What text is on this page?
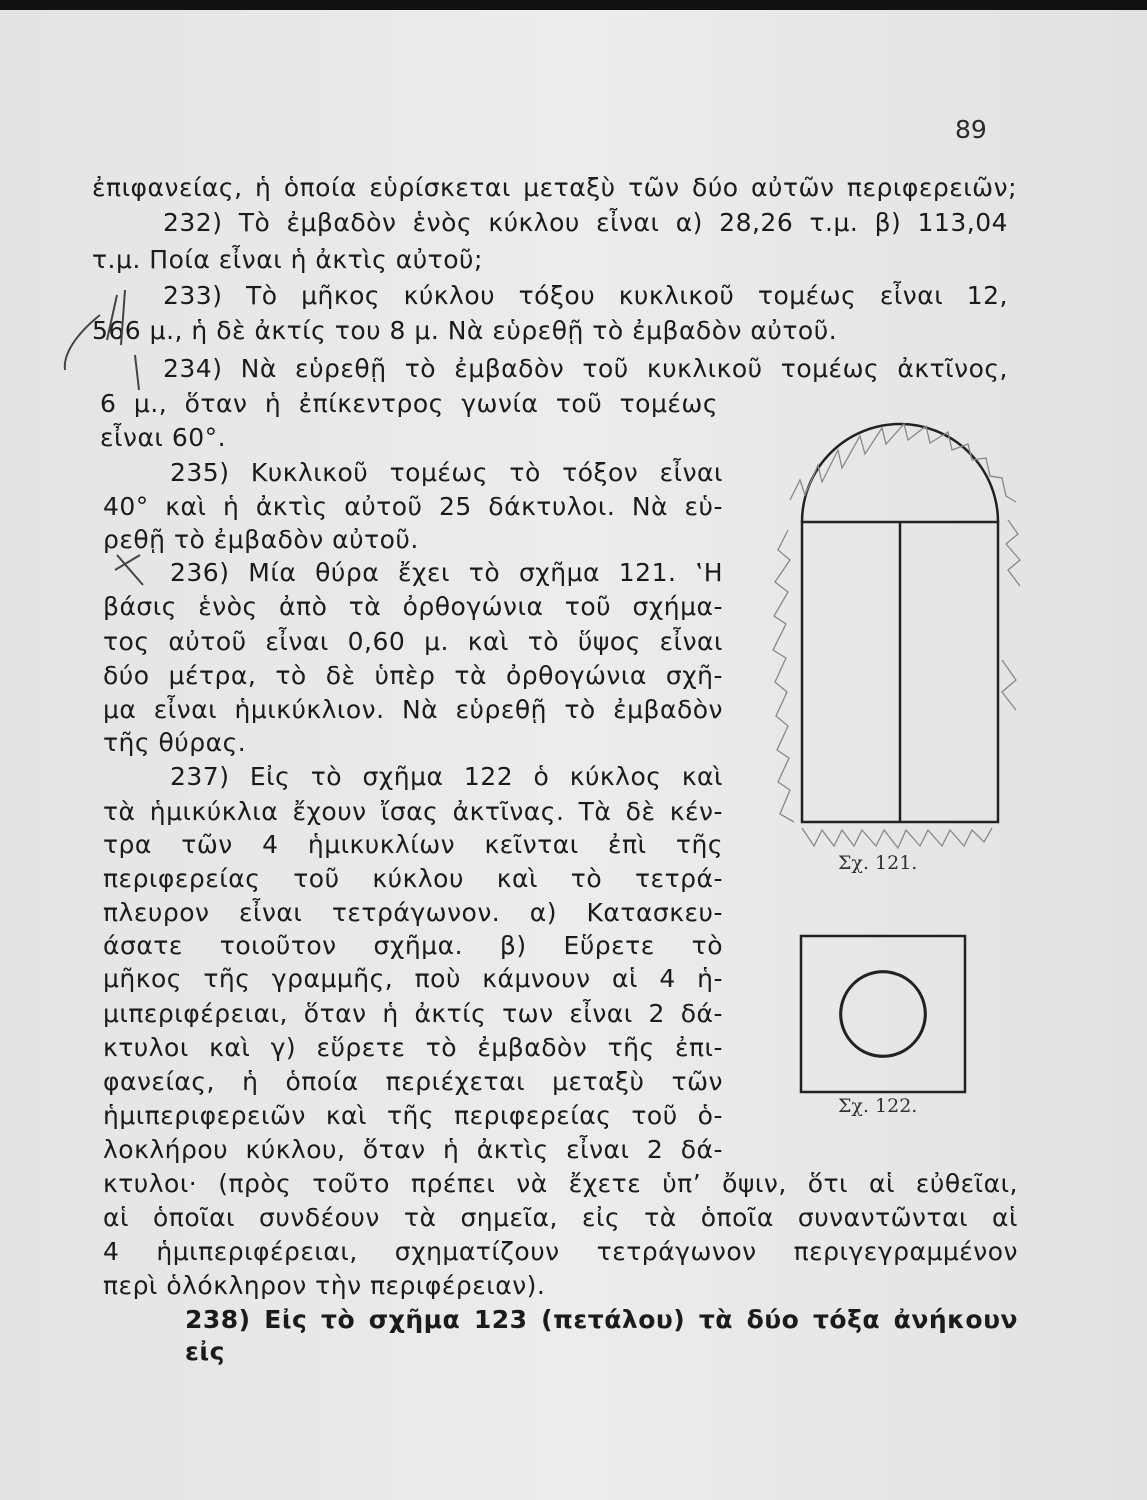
89
ἐπιφανείας, ἡ ὁποία εὑρίσκεται μεταξὺ τῶν δύο αὐτῶν περιφερειῶν;
232) Τὸ ἐμβαδὸν ἑνὸς κύκλου εἶναι α) 28,26 τ.μ. β) 113,04
τ.μ. Ποία εἶναι ἡ ἀκτὶς αὐτοῦ;
233) Τὸ μῆκος κύκλου τόξου κυκλικοῦ τομέως εἶναι 12,
566 μ., ἡ δὲ ἀκτίς του 8 μ. Νὰ εὑρεθῇ τὸ ἐμβαδὸν αὐτοῦ.
234) Νὰ εὑρεθῇ τὸ ἐμβαδὸν τοῦ κυκλικοῦ τομέως ἀκτῖνος,
6 μ., ὅταν ἡ ἐπίκεντρος γωνία τοῦ τομέως
εἶναι 60°.
235) Κυκλικοῦ τομέως τὸ τόξον εἶναι
40° καὶ ἡ ἀκτὶς αὐτοῦ 25 δάκτυλοι. Νὰ εὑ-
ρεθῇ τὸ ἐμβαδὸν αὐτοῦ.
236) Μία θύρα ἔχει τὸ σχῆμα 121. ‛Η
βάσις ἑνὸς ἀπὸ τὰ ὀρθογώνια τοῦ σχήμα-
τος αὐτοῦ εἶναι 0,60 μ. καὶ τὸ ὕψος εἶναι
δύο μέτρα, τὸ δὲ ὑπὲρ τὰ ὀρθογώνια σχῆ-
μα εἶναι ἡμικύκλιον. Νὰ εὑρεθῇ τὸ ἐμβαδὸν
τῆς θύρας.
237) Εἰς τὸ σχῆμα 122 ὁ κύκλος καὶ
τὰ ἡμικύκλια ἔχουν ἴσας ἀκτῖνας. Τὰ δὲ κέν-
τρα τῶν 4 ἡμικυκλίων κεῖνται ἐπὶ τῆς
περιφερείας τοῦ κύκλου καὶ τὸ τετρά-
πλευρον εἶναι τετράγωνον. α) Κατασκευ-
άσατε τοιοῦτον σχῆμα. β) Εὕρετε τὸ
μῆκος τῆς γραμμῆς, ποὺ κάμνουν αἱ 4 ἡ-
μιπεριφέρειαι, ὅταν ἡ ἀκτίς των εἶναι 2 δά-
κτυλοι καὶ γ) εὕρετε τὸ ἐμβαδὸν τῆς ἐπι-
φανείας, ἡ ὁποία περιέχεται μεταξὺ τῶν
ἡμιπεριφερειῶν καὶ τῆς περιφερείας τοῦ ὁ-
λοκλήρου κύκλου, ὅταν ἡ ἀκτὶς εἶναι 2 δά-
κτυλοι· (πρὸς τοῦτο πρέπει νὰ ἔχετε ὑπ’ ὄψιν, ὅτι αἱ εὐθεῖαι,
αἱ ὁποῖαι συνδέουν τὰ σημεῖα, εἰς τὰ ὁποῖα συναντῶνται αἱ
4 ἡμιπεριφέρειαι, σχηματίζουν τετράγωνον περιγεγραμμένον
περὶ ὁλόκληρον τὴν περιφέρειαν).
238) Εἰς τὸ σχῆμα 123 (πετάλου) τὰ δύο τόξα ἀνήκουν εἰς
Σχ. 121.
Σχ. 122.
